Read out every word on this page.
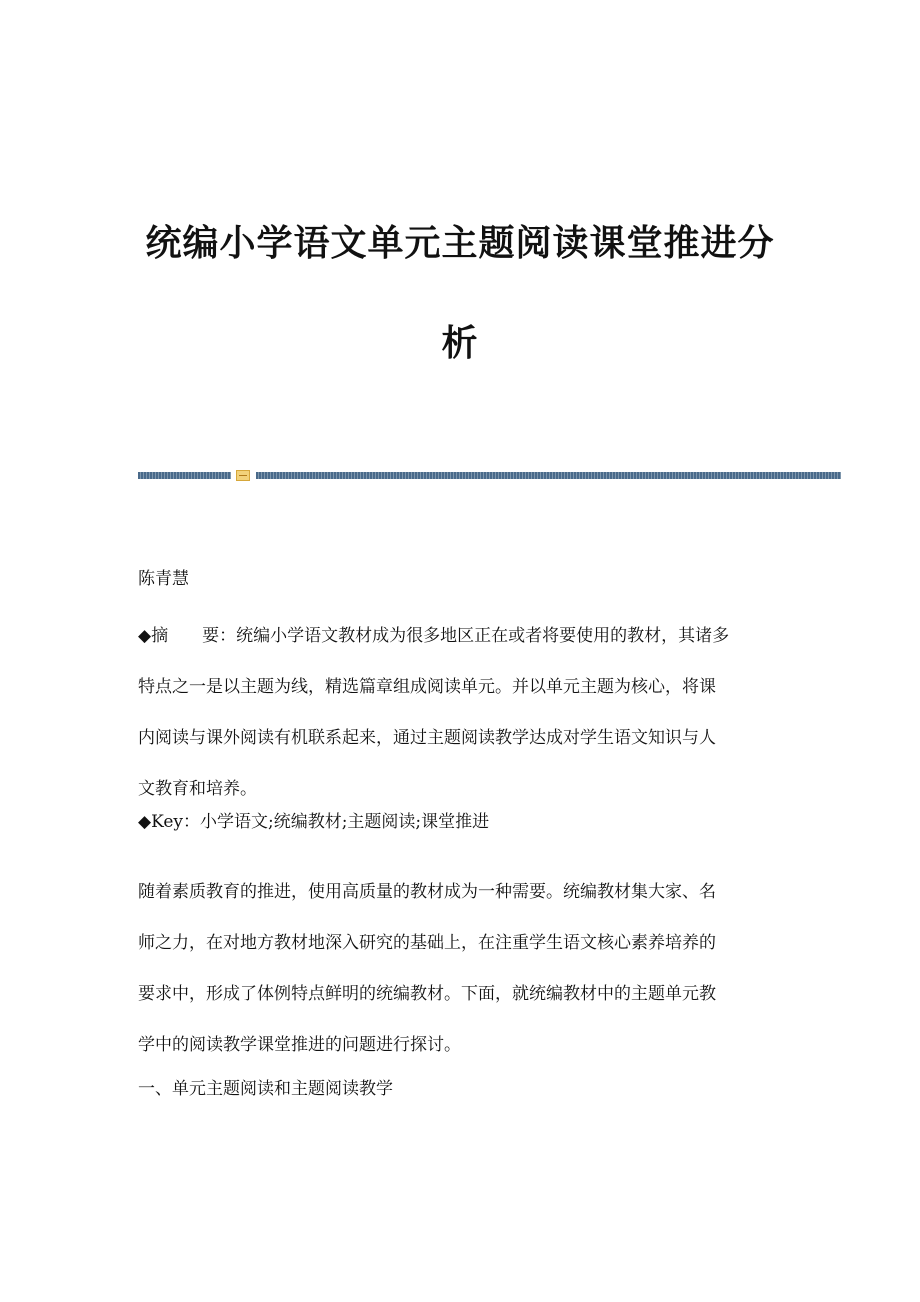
统编小学语文单元主题阅读课堂推进分
析
陈青慧
◆摘 要：统编小学语文教材成为很多地区正在或者将要使用的教材，其诸多
特点之一是以主题为线，精选篇章组成阅读单元。并以单元主题为核心，将课
内阅读与课外阅读有机联系起来，通过主题阅读教学达成对学生语文知识与人
文教育和培养。
◆Key：小学语文;统编教材;主题阅读;课堂推进
随着素质教育的推进，使用高质量的教材成为一种需要。统编教材集大家、名
师之力，在对地方教材地深入研究的基础上，在注重学生语文核心素养培养的
要求中，形成了体例特点鲜明的统编教材。下面，就统编教材中的主题单元教
学中的阅读教学课堂推进的问题进行探讨。
一、单元主题阅读和主题阅读教学
